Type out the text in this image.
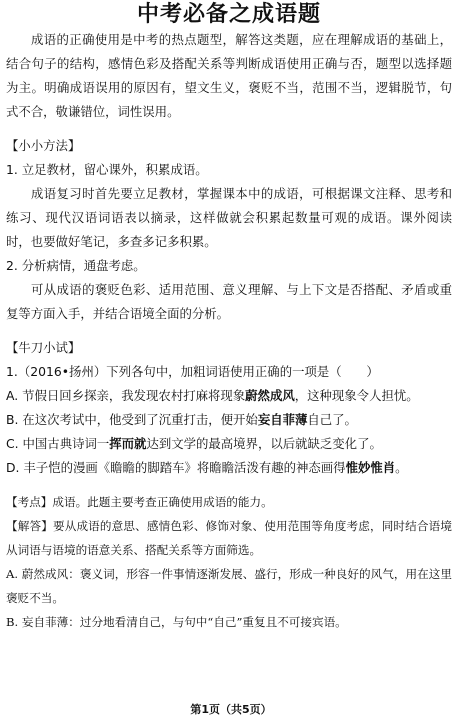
中考必备之成语题

成语的正确使用是中考的热点题型，解答这类题，应在理解成语的基础上，结合句子的结构，感情色彩及搭配关系等判断成语使用正确与否，题型以选择题为主。明确成语误用的原因有，望文生义，褒贬不当，范围不当，逻辑脱节，句式不合，敬谦错位，词性误用。

【小小方法】

1. 立足教材，留心课外，积累成语。

成语复习时首先要立足教材，掌握课本中的成语，可根据课文注释、思考和练习、现代汉语词语表以摘录，这样做就会积累起数量可观的成语。课外阅读时，也要做好笔记，多查多记多积累。

2. 分析病情，通盘考虑。

可从成语的褒贬色彩、适用范围、意义理解、与上下文是否搭配、矛盾或重复等方面入手，并结合语境全面的分析。

【牛刀小试】

1.（2016•扬州）下列各句中，加粗词语使用正确的一项是（　　）

A. 节假日回乡探亲，我发现农村打麻将现象蔚然成风，这种现象令人担忧。

B. 在这次考试中，他受到了沉重打击，便开始妄自菲薄自己了。

C. 中国古典诗词一挥而就达到文学的最高境界，以后就缺乏变化了。

D. 丰子恺的漫画《瞻瞻的脚踏车》将瞻瞻活泼有趣的神态画得惟妙惟肖。

【考点】成语。此题主要考查正确使用成语的能力。

【解答】要从成语的意思、感情色彩、修饰对象、使用范围等角度考虑，同时结合语境从词语与语境的语意关系、搭配关系等方面筛选。

A. 蔚然成风：褒义词，形容一件事情逐渐发展、盛行，形成一种良好的风气，用在这里褒贬不当。

B. 妄自菲薄：过分地看清自己，与句中“自己”重复且不可接宾语。

第1页（共5页）
